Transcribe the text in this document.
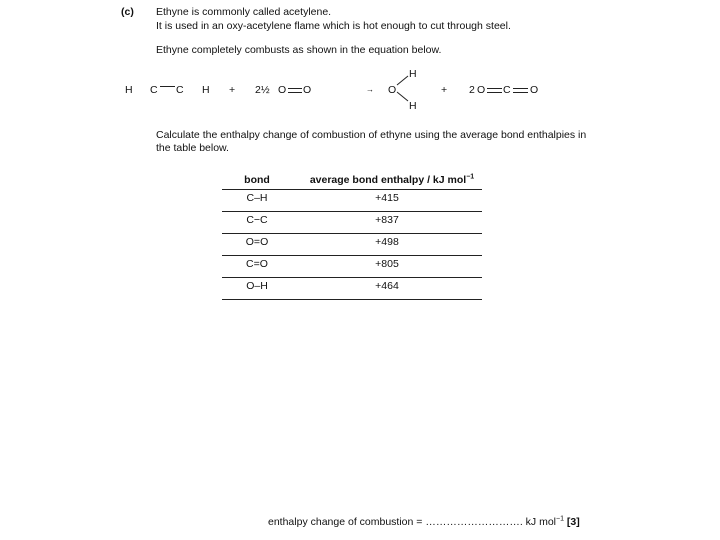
(c) Ethyne is commonly called acetylene.
It is used in an oxy-acetylene flame which is hot enough to cut through steel.
Ethyne completely combusts as shown in the equation below.
H C C H + 2½ O O	→ O
H
H
+ 2 O C O
Calculate the enthalpy change of combustion of ethyne using the average bond enthalpies in
the table below.
bond	average bond enthalpy / kJ mol$^{-1}$
C–H	+415
C−C	+837
O=O	+498
C=O	+805
O–H	+464
enthalpy change of combustion = ………………………. kJ mol$^{-1}$ [3]
